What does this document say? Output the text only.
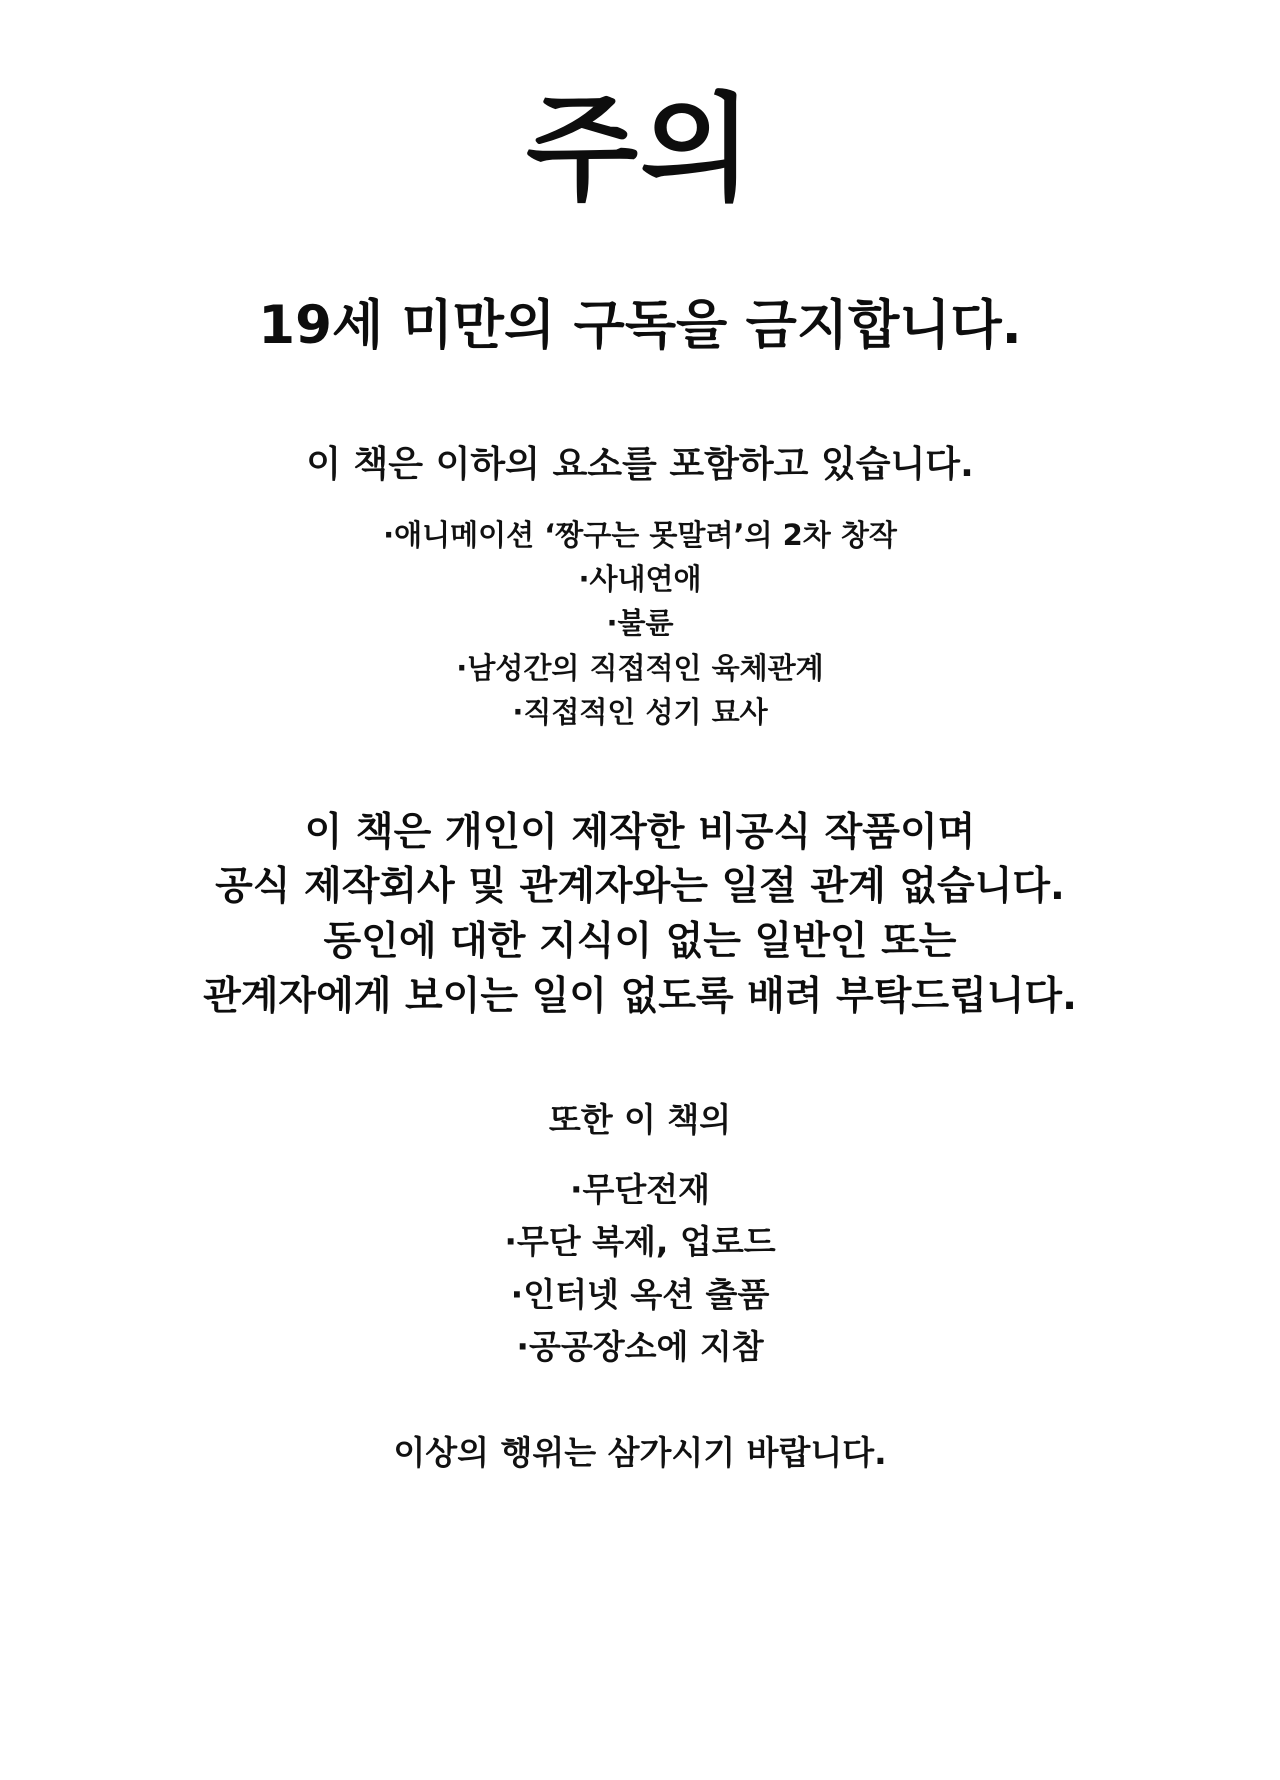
주의
19세 미만의 구독을 금지합니다.
이 책은 이하의 요소를 포함하고 있습니다.
·애니메이션 ‘짱구는 못말려’의 2차 창작
·사내연애
·불륜
·남성간의 직접적인 육체관계
·직접적인 성기 묘사
이 책은 개인이 제작한 비공식 작품이며
공식 제작회사 및 관계자와는 일절 관계 없습니다.
동인에 대한 지식이 없는 일반인 또는
관계자에게 보이는 일이 없도록 배려 부탁드립니다.
또한 이 책의
·무단전재
·무단 복제, 업로드
·인터넷 옥션 출품
·공공장소에 지참
이상의 행위는 삼가시기 바랍니다.
